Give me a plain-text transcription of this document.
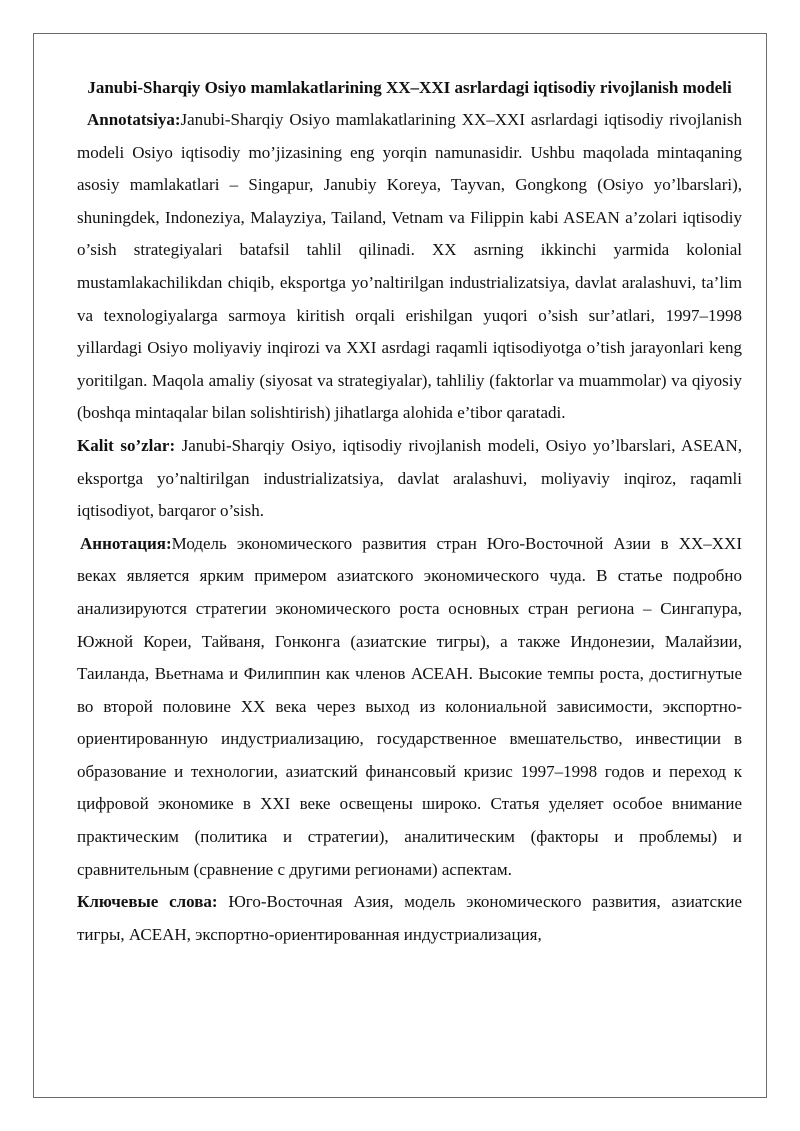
Janubi-Sharqiy Osiyo mamlakatlarining XX–XXI asrlardagi iqtisodiy rivojlanish modeli

Annotatsiya:Janubi-Sharqiy Osiyo mamlakatlarining XX–XXI asrlardagi iqtisodiy rivojlanish modeli Osiyo iqtisodiy mo’jizasining eng yorqin namunasidir. Ushbu maqolada mintaqaning asosiy mamlakatlari – Singapur, Janubiy Koreya, Tayvan, Gongkong (Osiyo yo’lbarslari), shuningdek, Indoneziya, Malayziya, Tailand, Vetnam va Filippin kabi ASEAN a’zolari iqtisodiy o’sish strategiyalari batafsil tahlil qilinadi. XX asrning ikkinchi yarmida kolonial mustamlakachilikdan chiqib, eksportga yo’naltirilgan industrializatsiya, davlat aralashuvi, ta’lim va texnologiyalarga sarmoya kiritish orqali erishilgan yuqori o’sish sur’atlari, 1997–1998 yillardagi Osiyo moliyaviy inqirozi va XXI asrdagi raqamli iqtisodiyotga o’tish jarayonlari keng yoritilgan. Maqola amaliy (siyosat va strategiyalar), tahliliy (faktorlar va muammolar) va qiyosiy (boshqa mintaqalar bilan solishtirish) jihatlarga alohida e’tibor qaratadi.

Kalit so’zlar: Janubi-Sharqiy Osiyo, iqtisodiy rivojlanish modeli, Osiyo yo’lbarslari, ASEAN, eksportga yo’naltirilgan industrializatsiya, davlat aralashuvi, moliyaviy inqiroz, raqamli iqtisodiyot, barqaror o’sish.

Аннотация:Модель экономического развития стран Юго-Восточной Азии в XX–XXI веках является ярким примером азиатского экономического чуда. В статье подробно анализируются стратегии экономического роста основных стран региона – Сингапура, Южной Кореи, Тайваня, Гонконга (азиатские тигры), а также Индонезии, Малайзии, Таиланда, Вьетнама и Филиппин как членов АСЕАН. Высокие темпы роста, достигнутые во второй половине XX века через выход из колониальной зависимости, экспортно-ориентированную индустриализацию, государственное вмешательство, инвестиции в образование и технологии, азиатский финансовый кризис 1997–1998 годов и переход к цифровой экономике в XXI веке освещены широко. Статья уделяет особое внимание практическим (политика и стратегии), аналитическим (факторы и проблемы) и сравнительным (сравнение с другими регионами) аспектам.

Ключевые слова: Юго-Восточная Азия, модель экономического развития, азиатские тигры, АСЕАН, экспортно-ориентированная индустриализация,
